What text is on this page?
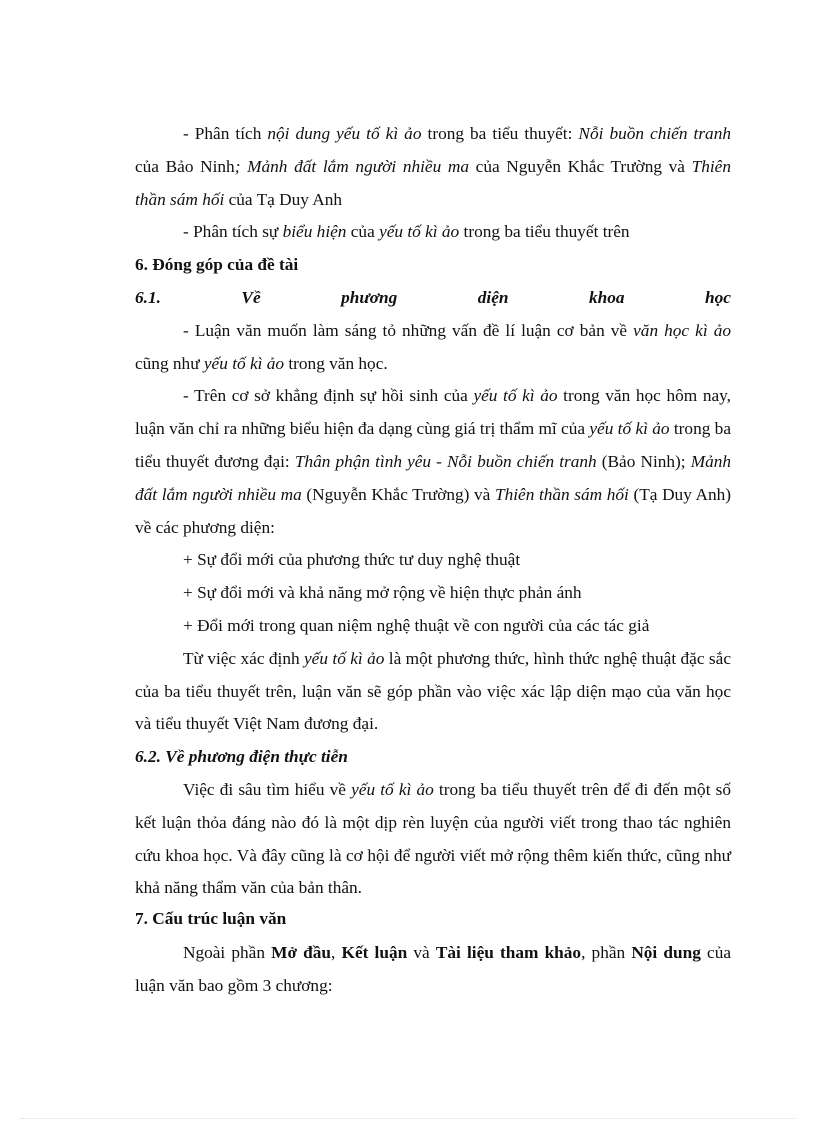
- Phân tích nội dung yếu tố kì ảo trong ba tiểu thuyết: Nỗi buồn chiến tranh của Bảo Ninh; Mảnh đất lắm người nhiều ma của Nguyễn Khắc Trường và Thiên thần sám hối của Tạ Duy Anh

- Phân tích sự biểu hiện của yếu tố kì ảo trong ba tiểu thuyết trên

6. Đóng góp của đề tài

6.1.	Về	phương	diện	khoa	học

- Luận văn muốn làm sáng tỏ những vấn đề lí luận cơ bản về văn học kì ảo cũng như yếu tố kì ảo trong văn học.

- Trên cơ sở khẳng định sự hồi sinh của yếu tố kì ảo trong văn học hôm nay, luận văn chỉ ra những biểu hiện đa dạng cùng giá trị thẩm mĩ của yếu tố kì ảo trong ba tiểu thuyết đương đại: Thân phận tình yêu - Nỗi buồn chiến tranh (Bảo Ninh); Mảnh đất lắm người nhiều ma (Nguyễn Khắc Trường) và Thiên thần sám hối (Tạ Duy Anh) về các phương diện:

+ Sự đổi mới của phương thức tư duy nghệ thuật

+ Sự đổi mới và khả năng mở rộng về hiện thực phản ánh

+ Đổi mới trong quan niệm nghệ thuật về con người của các tác giả

Từ việc xác định yếu tố kì ảo là một phương thức, hình thức nghệ thuật đặc sắc của ba tiểu thuyết trên, luận văn sẽ góp phần vào việc xác lập diện mạo của văn học và tiểu thuyết Việt Nam đương đại.

6.2. Về phương điện thực tiễn

Việc đi sâu tìm hiểu về yếu tố kì ảo trong ba tiểu thuyết trên để đi đến một số kết luận thỏa đáng nào đó là một dịp rèn luyện của người viết trong thao tác nghiên cứu khoa học. Và đây cũng là cơ hội để người viết mở rộng thêm kiến thức, cũng như khả năng thẩm văn của bản thân.

7. Cấu trúc luận văn

Ngoài phần Mở đầu, Kết luận và Tài liệu tham khảo, phần Nội dung của luận văn bao gồm 3 chương:
